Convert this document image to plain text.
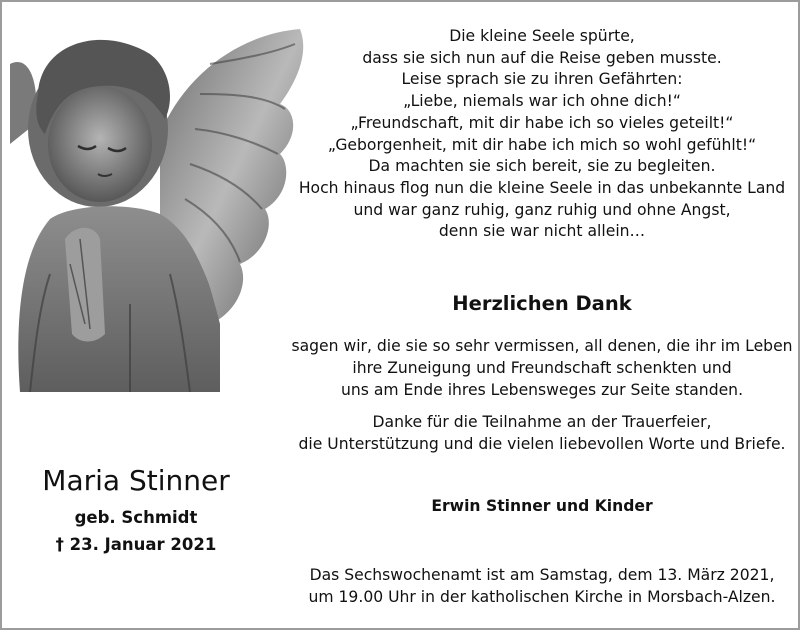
Die kleine Seele spürte,
dass sie sich nun auf die Reise geben musste.
Leise sprach sie zu ihren Gefährten:
„Liebe, niemals war ich ohne dich!“
„Freundschaft, mit dir habe ich so vieles geteilt!“
„Geborgenheit, mit dir habe ich mich so wohl gefühlt!“
Da machten sie sich bereit, sie zu begleiten.
Hoch hinaus flog nun die kleine Seele in das unbekannte Land
und war ganz ruhig, ganz ruhig und ohne Angst,
denn sie war nicht allein…
Herzlichen Dank
sagen wir, die sie so sehr vermissen, all denen, die ihr im Leben
ihre Zuneigung und Freundschaft schenkten und
uns am Ende ihres Lebensweges zur Seite standen.
Danke für die Teilnahme an der Trauerfeier,
die Unterstützung und die vielen liebevollen Worte und Briefe.
Erwin Stinner und Kinder
Das Sechswochenamt ist am Samstag, dem 13. März 2021,
um 19.00 Uhr in der katholischen Kirche in Morsbach-Alzen.
Maria Stinner
geb. Schmidt
† 23. Januar 2021
